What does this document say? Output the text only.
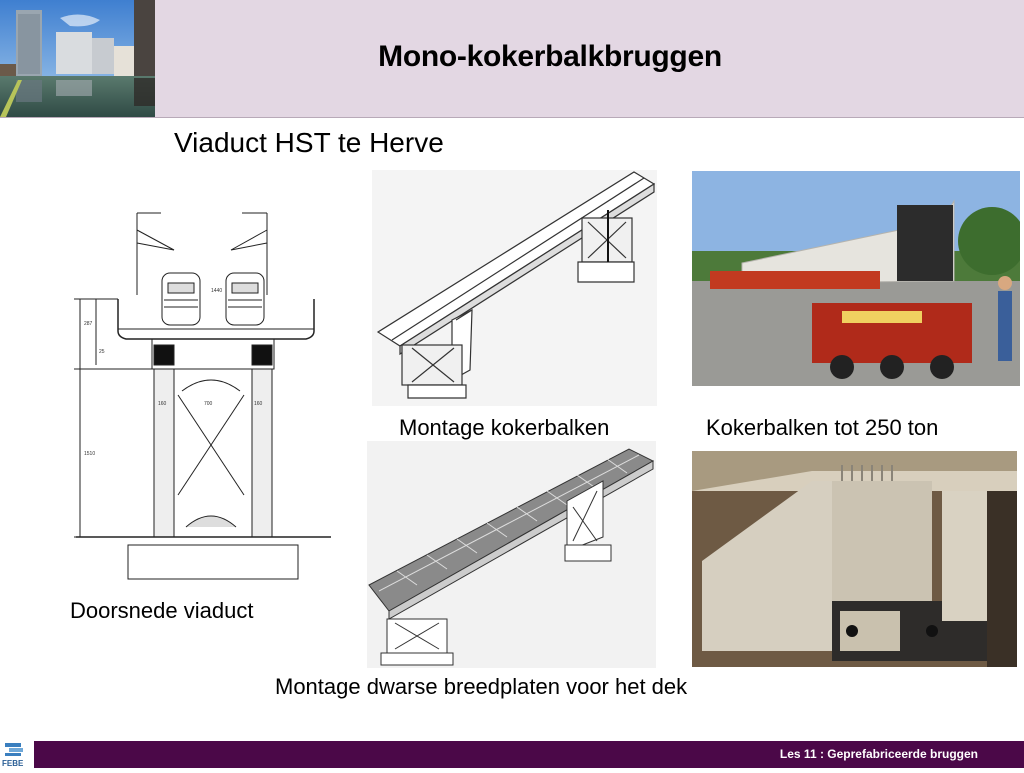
Mono-kokerbalkbruggen
Viaduct HST te Herve
287
25
1510
700
160	160
1440
Doorsnede viaduct
Montage kokerbalken	Kokerbalken tot 250 ton
Montage dwarse breedplaten voor het dek
FEBE
Les 11 : Geprefabriceerde bruggen
